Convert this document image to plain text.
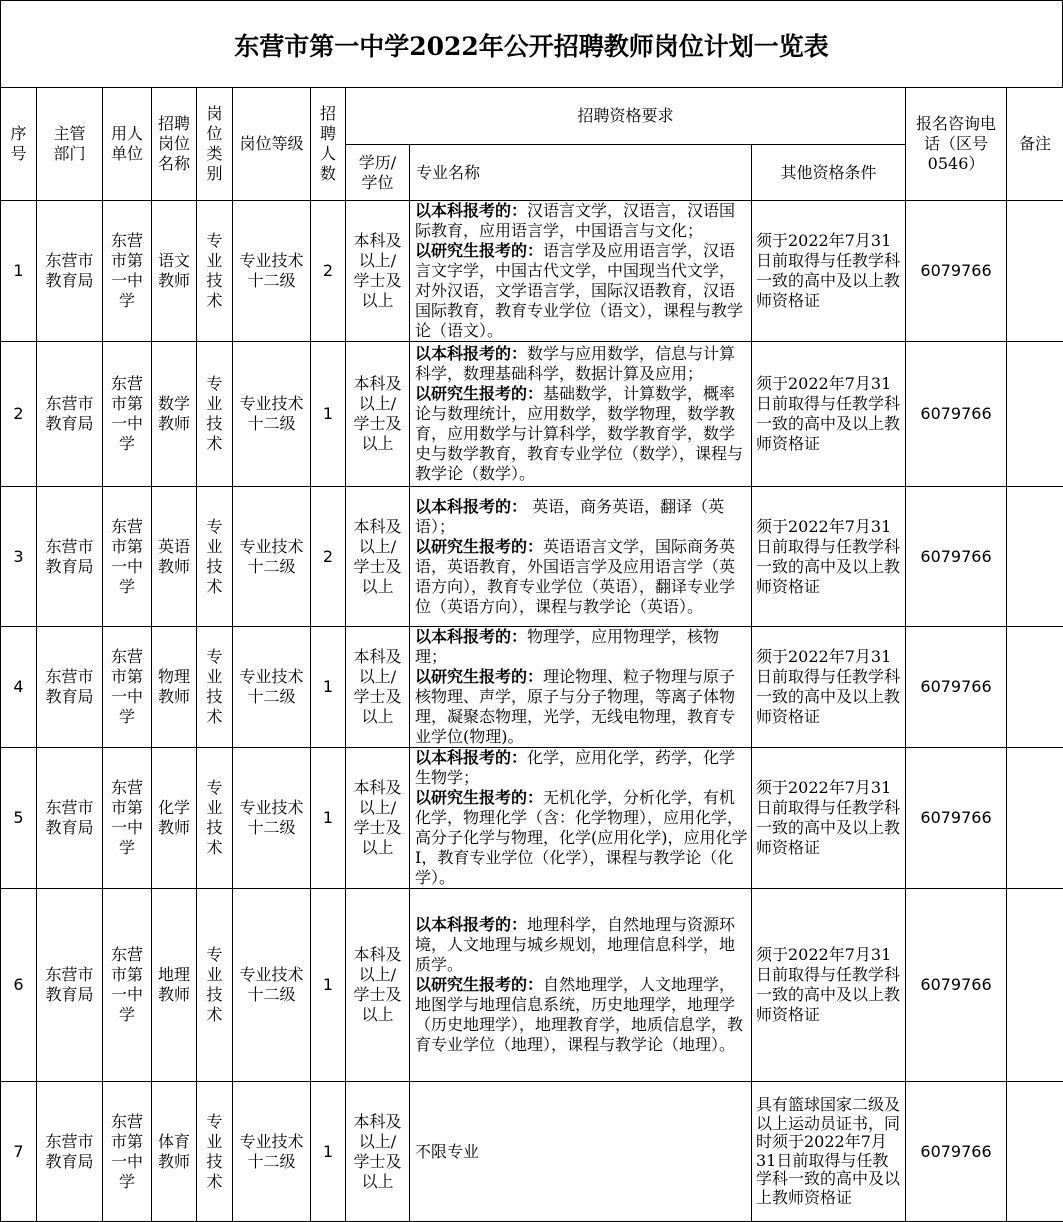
东营市第一中学2022年公开招聘教师岗位计划一览表
序号	主管部门	用人单位	招聘岗位名称	岗位类别	岗位等级	招聘人数	招聘资格要求			报名咨询电话（区号0546）	备注
							学历/学位	专业名称	其他资格条件		
1	东营市教育局	东营市第一中学	语文教师	专业技术	专业技术十二级	2	本科及以上/学士及以上	以本科报考的：汉语言文学，汉语言，汉语国际教育，应用语言学，中国语言与文化；
以研究生报考的：语言学及应用语言学，汉语言文字学，中国古代文学，中国现当代文学，对外汉语，文学语言学，国际汉语教育，汉语国际教育，教育专业学位（语文），课程与教学论（语文）。	须于2022年7月31日前取得与任教学科一致的高中及以上教师资格证	6079766	
2	东营市教育局	东营市第一中学	数学教师	专业技术	专业技术十二级	1	本科及以上/学士及以上	以本科报考的：数学与应用数学，信息与计算科学，数理基础科学，数据计算及应用；
以研究生报考的：基础数学，计算数学，概率论与数理统计，应用数学，数学物理，数学教育，应用数学与计算科学，数学教育学，数学史与数学教育，教育专业学位（数学），课程与教学论（数学）。	须于2022年7月31日前取得与任教学科一致的高中及以上教师资格证	6079766	
3	东营市教育局	东营市第一中学	英语教师	专业技术	专业技术十二级	2	本科及以上/学士及以上	以本科报考的： 英语，商务英语，翻译（英语）；
以研究生报考的：英语语言文学，国际商务英语，英语教育，外国语言学及应用语言学（英语方向），教育专业学位（英语），翻译专业学位（英语方向），课程与教学论（英语）。	须于2022年7月31日前取得与任教学科一致的高中及以上教师资格证	6079766	
4	东营市教育局	东营市第一中学	物理教师	专业技术	专业技术十二级	1	本科及以上/学士及以上	以本科报考的：物理学，应用物理学，核物理；
以研究生报考的：理论物理、粒子物理与原子核物理、声学，原子与分子物理，等离子体物理，凝聚态物理，光学，无线电物理，教育专业学位(物理)。	须于2022年7月31日前取得与任教学科一致的高中及以上教师资格证	6079766	
5	东营市教育局	东营市第一中学	化学教师	专业技术	专业技术十二级	1	本科及以上/学士及以上	以本科报考的：化学，应用化学，药学，化学生物学；
以研究生报考的：无机化学，分析化学，有机化学，物理化学（含：化学物理），应用化学，高分子化学与物理，化学(应用化学)，应用化学Ⅰ，教育专业学位（化学），课程与教学论（化学）。	须于2022年7月31日前取得与任教学科一致的高中及以上教师资格证	6079766	
6	东营市教育局	东营市第一中学	地理教师	专业技术	专业技术十二级	1	本科及以上/学士及以上	以本科报考的：地理科学，自然地理与资源环境，人文地理与城乡规划，地理信息科学，地质学。
以研究生报考的：自然地理学，人文地理学，地图学与地理信息系统，历史地理学，地理学（历史地理学），地理教育学，地质信息学，教育专业学位（地理），课程与教学论（地理）。	须于2022年7月31日前取得与任教学科一致的高中及以上教师资格证	6079766	
7	东营市教育局	东营市第一中学	体育教师	专业技术	专业技术十二级	1	本科及以上/学士及以上	不限专业	具有篮球国家二级及以上运动员证书，同时须于2022年7月31日前取得与任教学科一致的高中及以上教师资格证	6079766	
